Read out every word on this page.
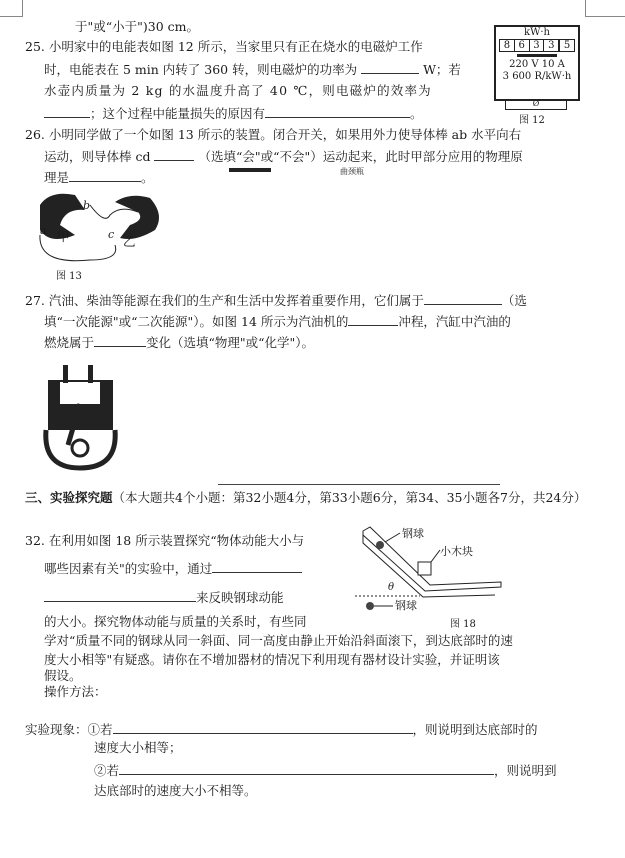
于"或“小于")30 cm。
25. 小明家中的电能表如图 12 所示，当家里只有正在烧水的电磁炉工作
时，电能表在 5 min 内转了 360 转，则电磁炉的功率为	W；若
水壶内质量为 2 kg 的水温度升高了 40 ℃，则电磁炉的效率为
；这个过程中能量损失的原因有	。
kW·h
8 6 3 3 5
220 V 10 A
3 600 R/kW·h
Ø
图 12
26. 小明同学做了一个如图 13 所示的装置。闭合开关，如果用外力使导体棒 ab 水平向右
运动，则导体棒 cd	（选填“会"或“不会"）运动起来，此时甲部分应用的物理原
理是	。	曲颈瓶
a
b
c
甲	乙
图 13
27. 汽油、柴油等能源在我们的生产和生活中发挥着重要作用，它们属于	（选
填“一次能源"或“二次能源"）。如图 14 所示为汽油机的	冲程，汽缸中汽油的
燃烧属于	变化（选填“物理"或“化学"）。
三、实验探究题（本大题共4个小题：第32小题4分，第33小题6分，第34、35小题各7分，共24分）
32. 在利用如图 18 所示装置探究“物体动能大小与
哪些因素有关"的实验中，通过
来反映钢球动能
的大小。探究物体动能与质量的关系时，有些同
学对“质量不同的钢球从同一斜面、同一高度由静止开始沿斜面滚下，到达底部时的速
度大小相等"有疑惑。请你在不增加器材的情况下利用现有器材设计实验，并证明该
假设。
操作方法：
实验现象：①若	，则说明到达底部时的
速度大小相等；
②若	，则说明到
达底部时的速度大小不相等。
钢球
小木块
θ
钢球
图 18
